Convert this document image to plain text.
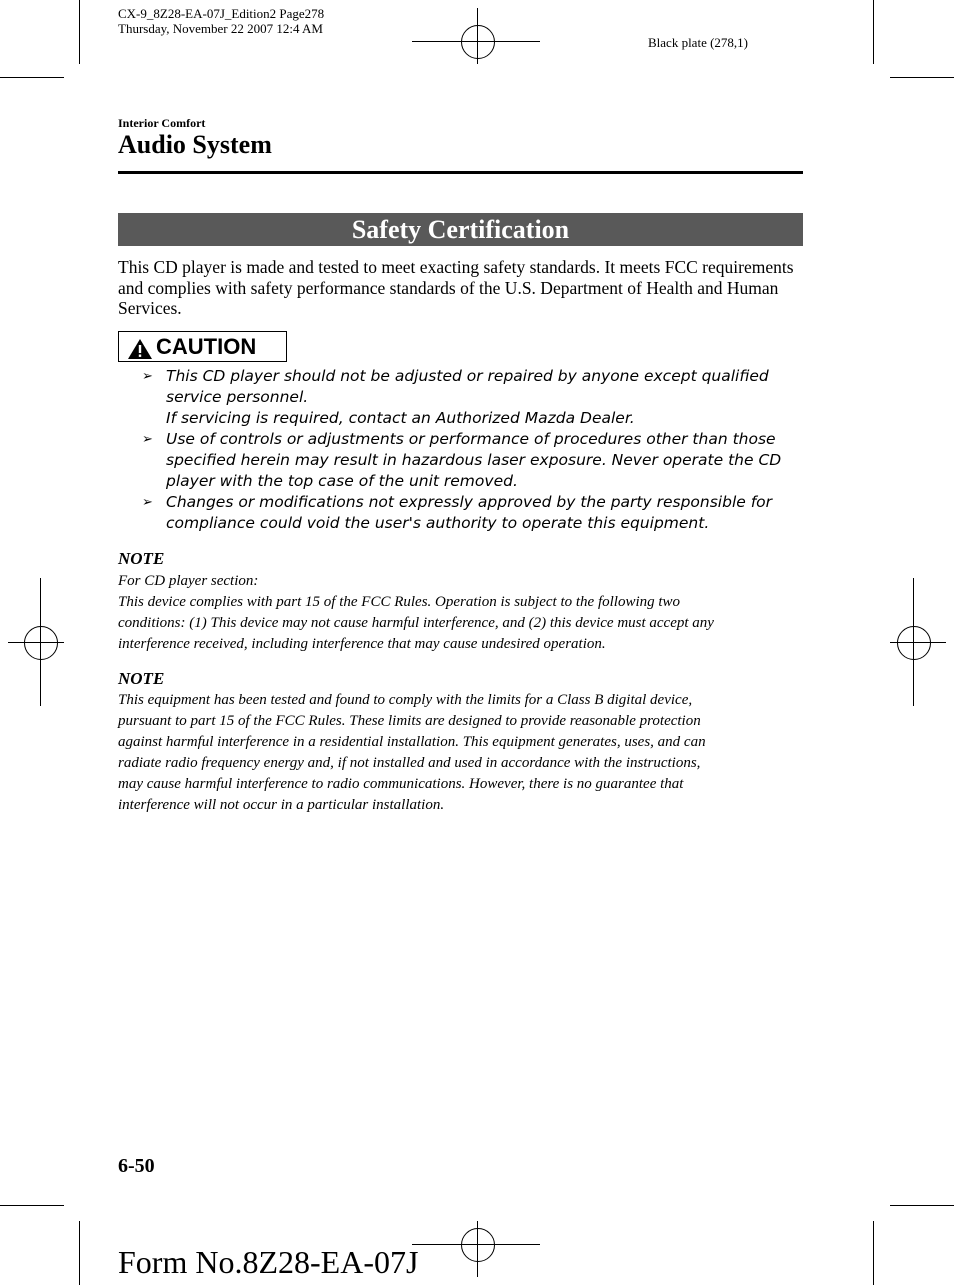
CX-9_8Z28-EA-07J_Edition2 Page278
Thursday, November 22 2007 12:4 AM
Black plate (278,1)
Interior Comfort
Audio System
Safety Certification
This CD player is made and tested to meet exacting safety standards. It meets FCC requirements and complies with safety performance standards of the U.S. Department of Health and Human Services.
CAUTION
➢ This CD player should not be adjusted or repaired by anyone except qualified
service personnel.
If servicing is required, contact an Authorized Mazda Dealer.
➢ Use of controls or adjustments or performance of procedures other than those
specified herein may result in hazardous laser exposure. Never operate the CD
player with the top case of the unit removed.
➢ Changes or modifications not expressly approved by the party responsible for
compliance could void the user's authority to operate this equipment.
NOTE
For CD player section:
This device complies with part 15 of the FCC Rules. Operation is subject to the following two
conditions: (1) This device may not cause harmful interference, and (2) this device must accept any
interference received, including interference that may cause undesired operation.
NOTE
This equipment has been tested and found to comply with the limits for a Class B digital device,
pursuant to part 15 of the FCC Rules. These limits are designed to provide reasonable protection
against harmful interference in a residential installation. This equipment generates, uses, and can
radiate radio frequency energy and, if not installed and used in accordance with the instructions,
may cause harmful interference to radio communications. However, there is no guarantee that
interference will not occur in a particular installation.
6-50
Form No.8Z28-EA-07J
